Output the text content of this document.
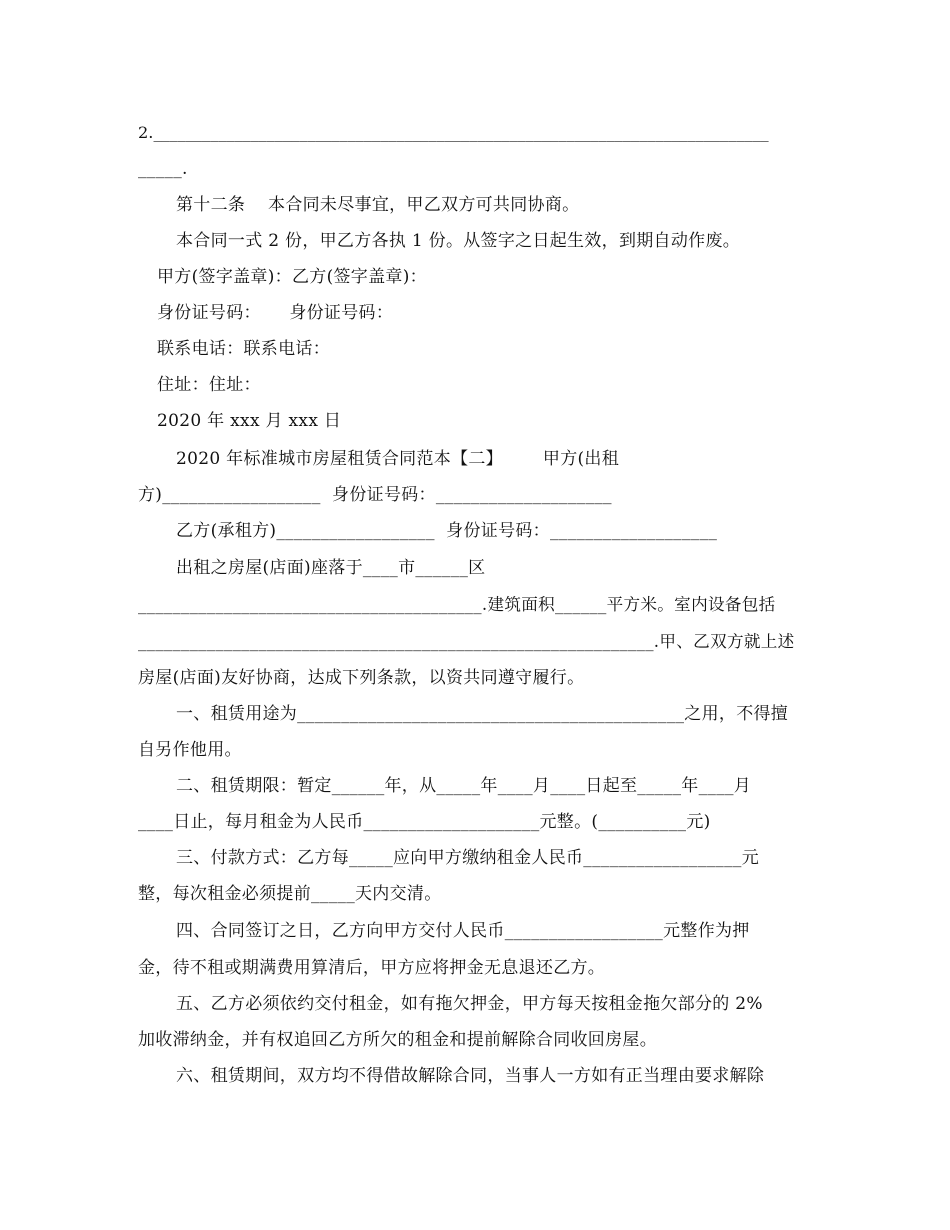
2.____________________________________________________________________________
_____.
第十二条    本合同未尽事宜，甲乙双方可共同协商。
本合同一式 2 份，甲乙方各执 1 份。从签字之日起生效，到期自动作废。
甲方(签字盖章)：乙方(签字盖章)：
身份证号码：     身份证号码：
联系电话：联系电话：
住址：住址：
2020 年 xxx 月 xxx 日
2020 年标准城市房屋租赁合同范本【二】       甲方(出租
方)__________________  身份证号码：____________________
乙方(承租方)__________________  身份证号码：___________________
出租之房屋(店面)座落于____市______区
________________________________________.建筑面积______平方米。室内设备包括
____________________________________________________________.甲、乙双方就上述
房屋(店面)友好协商，达成下列条款，以资共同遵守履行。
一、租赁用途为____________________________________________之用，不得擅
自另作他用。
二、租赁期限：暂定______年，从_____年____月____日起至_____年____月
____日止，每月租金为人民币____________________元整。(__________元)
三、付款方式：乙方每_____应向甲方缴纳租金人民币__________________元
整，每次租金必须提前_____天内交清。
四、合同签订之日，乙方向甲方交付人民币__________________元整作为押
金，待不租或期满费用算清后，甲方应将押金无息退还乙方。
五、乙方必须依约交付租金，如有拖欠押金，甲方每天按租金拖欠部分的 2%
加收滞纳金，并有权追回乙方所欠的租金和提前解除合同收回房屋。
六、租赁期间，双方均不得借故解除合同，当事人一方如有正当理由要求解除
